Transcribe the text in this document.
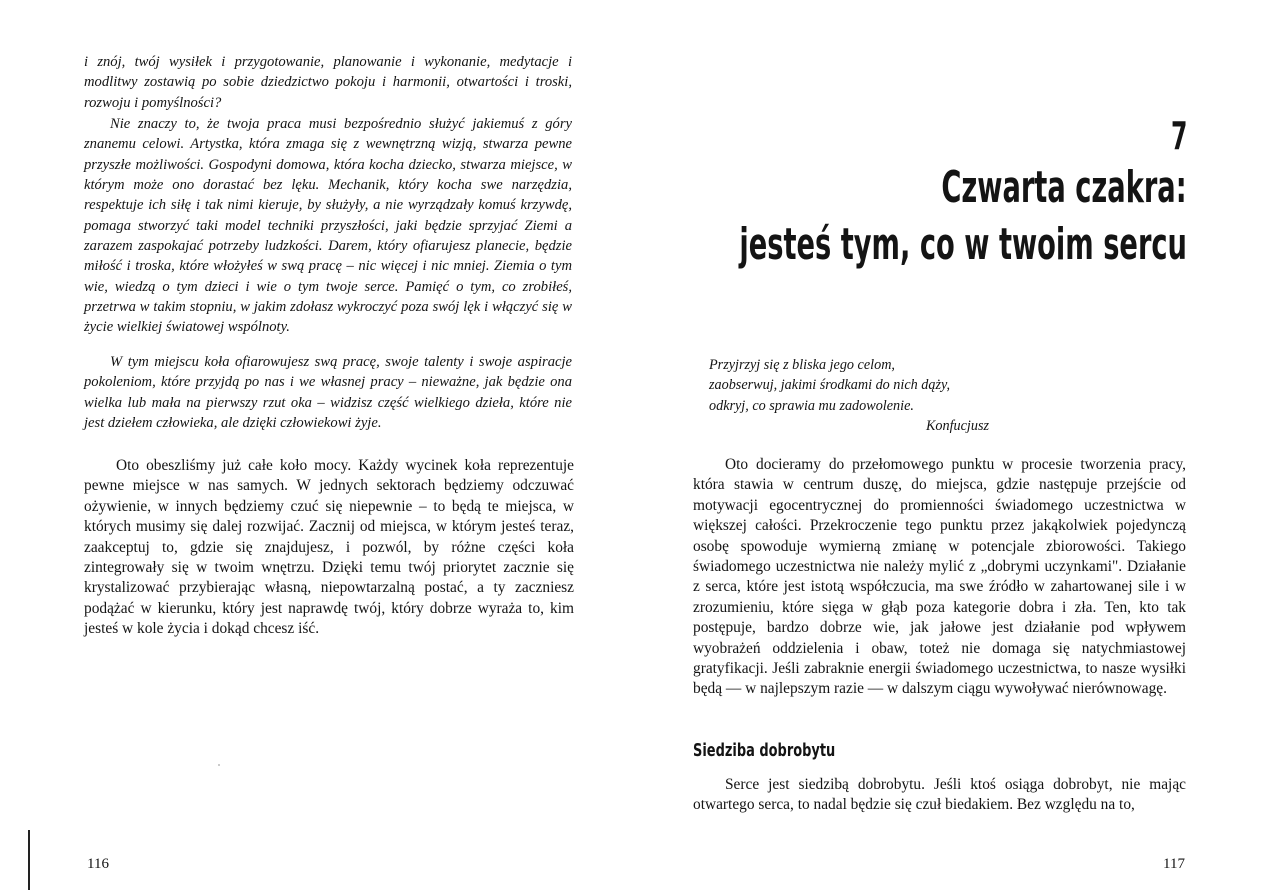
i znój, twój wysiłek i przygotowanie, planowanie i wykonanie, medytacje i modlitwy zostawią po sobie dziedzictwo pokoju i harmonii, otwartości i troski, rozwoju i pomyślności?

Nie znaczy to, że twoja praca musi bezpośrednio służyć jakiemuś z góry znanemu celowi. Artystka, która zmaga się z wewnętrzną wizją, stwarza pewne przyszłe możliwości. Gospodyni domowa, która kocha dziecko, stwarza miejsce, w którym może ono dorastać bez lęku. Mechanik, który kocha swe narzędzia, respektuje ich siłę i tak nimi kieruje, by służyły, a nie wyrządzały komuś krzywdę, pomaga stworzyć taki model techniki przyszłości, jaki będzie sprzyjać Ziemi a zarazem zaspokajać potrzeby ludzkości. Darem, który ofiarujesz planecie, będzie miłość i troska, które włożyłeś w swą pracę – nic więcej i nic mniej. Ziemia o tym wie, wiedzą o tym dzieci i wie o tym twoje serce. Pamięć o tym, co zrobiłeś, przetrwa w takim stopniu, w jakim zdołasz wykroczyć poza swój lęk i włączyć się w życie wielkiej światowej wspólnoty.

W tym miejscu koła ofiarowujesz swą pracę, swoje talenty i swoje aspiracje pokoleniom, które przyjdą po nas i we własnej pracy – nieważne, jak będzie ona wielka lub mała na pierwszy rzut oka – widzisz część wielkiego dzieła, które nie jest dziełem człowieka, ale dzięki człowiekowi żyje.

Oto obeszliśmy już całe koło mocy. Każdy wycinek koła reprezentuje pewne miejsce w nas samych. W jednych sektorach będziemy odczuwać ożywienie, w innych będziemy czuć się niepewnie – to będą te miejsca, w których musimy się dalej rozwijać. Zacznij od miejsca, w którym jesteś teraz, zaakceptuj to, gdzie się znajdujesz, i pozwól, by różne części koła zintegrowały się w twoim wnętrzu. Dzięki temu twój priorytet zacznie się krystalizować przybierając własną, niepowtarzalną postać, a ty zaczniesz podążać w kierunku, który jest naprawdę twój, który dobrze wyraża to, kim jesteś w kole życia i dokąd chcesz iść.

116
7
Czwarta czakra:
jesteś tym, co w twoim sercu
Przyjrzyj się z bliska jego celom,
zaobserwuj, jakimi środkami do nich dąży,
odkryj, co sprawia mu zadowolenie.
Konfucjusz

Oto docieramy do przełomowego punktu w procesie tworzenia pracy, która stawia w centrum duszę, do miejsca, gdzie następuje przejście od motywacji egocentrycznej do promienności świadomego uczestnictwa w większej całości. Przekroczenie tego punktu przez jakąkolwiek pojedynczą osobę spowoduje wymierną zmianę w potencjale zbiorowości. Takiego świadomego uczestnictwa nie należy mylić z „dobrymi uczynkami". Działanie z serca, które jest istotą współczucia, ma swe źródło w zahartowanej sile i w zrozumieniu, które sięga w głąb poza kategorie dobra i zła. Ten, kto tak postępuje, bardzo dobrze wie, jak jałowe jest działanie pod wpływem wyobrażeń oddzielenia i obaw, toteż nie domaga się natychmiastowej gratyfikacji. Jeśli zabraknie energii świadomego uczestnictwa, to nasze wysiłki będą — w najlepszym razie — w dalszym ciągu wywoływać nierównowagę.

Siedziba dobrobytu

Serce jest siedzibą dobrobytu. Jeśli ktoś osiąga dobrobyt, nie mając otwartego serca, to nadal będzie się czuł biedakiem. Bez względu na to,

117
